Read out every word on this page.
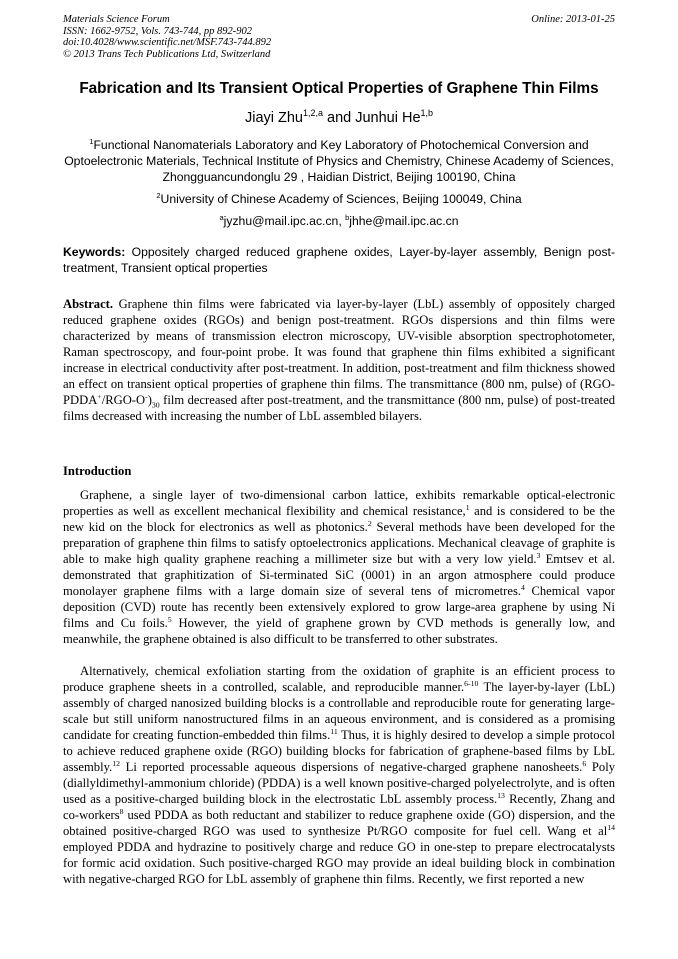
Materials Science Forum
ISSN: 1662-9752, Vols. 743-744, pp 892-902
doi:10.4028/www.scientific.net/MSF.743-744.892
© 2013 Trans Tech Publications Ltd, Switzerland
Online: 2013-01-25
Fabrication and Its Transient Optical Properties of Graphene Thin Films
Jiayi Zhu$^{1,2,a}$ and Junhui He$^{1,b}$
$^1$Functional Nanomaterials Laboratory and Key Laboratory of Photochemical Conversion and Optoelectronic Materials, Technical Institute of Physics and Chemistry, Chinese Academy of Sciences, Zhongguancundonglu 29 , Haidian District, Beijing 100190, China
$^2$University of Chinese Academy of Sciences, Beijing 100049, China
$^a$jyzhu@mail.ipc.ac.cn, $^b$jhhe@mail.ipc.ac.cn
Keywords: Oppositely charged reduced graphene oxides, Layer-by-layer assembly, Benign post-treatment, Transient optical properties

Abstract. Graphene thin films were fabricated via layer-by-layer (LbL) assembly of oppositely charged reduced graphene oxides (RGOs) and benign post-treatment. RGOs dispersions and thin films were characterized by means of transmission electron microscopy, UV-visible absorption spectrophotometer, Raman spectroscopy, and four-point probe. It was found that graphene thin films exhibited a significant increase in electrical conductivity after post-treatment. In addition, post-treatment and film thickness showed an effect on transient optical properties of graphene thin films. The transmittance (800 nm, pulse) of $(RGO-PDDA^+/RGO-O^-)_{30}$ film decreased after post-treatment, and the transmittance (800 nm, pulse) of post-treated films decreased with increasing the number of LbL assembled bilayers.

Introduction

Graphene, a single layer of two-dimensional carbon lattice, exhibits remarkable optical-electronic properties as well as excellent mechanical flexibility and chemical resistance,$^1$ and is considered to be the new kid on the block for electronics as well as photonics.$^2$ Several methods have been developed for the preparation of graphene thin films to satisfy optoelectronics applications. Mechanical cleavage of graphite is able to make high quality graphene reaching a millimeter size but with a very low yield.$^3$ Emtsev et al. demonstrated that graphitization of Si-terminated SiC (0001) in an argon atmosphere could produce monolayer graphene films with a large domain size of several tens of micrometres.$^4$ Chemical vapor deposition (CVD) route has recently been extensively explored to grow large-area graphene by using Ni films and Cu foils.$^5$ However, the yield of graphene grown by CVD methods is generally low, and meanwhile, the graphene obtained is also difficult to be transferred to other substrates.

Alternatively, chemical exfoliation starting from the oxidation of graphite is an efficient process to produce graphene sheets in a controlled, scalable, and reproducible manner.$^{6-10}$ The layer-by-layer (LbL) assembly of charged nanosized building blocks is a controllable and reproducible route for generating large-scale but still uniform nanostructured films in an aqueous environment, and is considered as a promising candidate for creating function-embedded thin films.$^{11}$ Thus, it is highly desired to develop a simple protocol to achieve reduced graphene oxide (RGO) building blocks for fabrication of graphene-based films by LbL assembly.$^{12}$ Li reported processable aqueous dispersions of negative-charged graphene nanosheets.$^6$ Poly (diallyldimethyl-ammonium chloride) (PDDA) is a well known positive-charged polyelectrolyte, and is often used as a positive-charged building block in the electrostatic LbL assembly process.$^{13}$ Recently, Zhang and co-workers$^8$ used PDDA as both reductant and stabilizer to reduce graphene oxide (GO) dispersion, and the obtained positive-charged RGO was used to synthesize Pt/RGO composite for fuel cell. Wang et $al^{14}$ employed PDDA and hydrazine to positively charge and reduce GO in one-step to prepare electrocatalysts for formic acid oxidation. Such positive-charged RGO may provide an ideal building block in combination with negative-charged RGO for LbL assembly of graphene thin films. Recently, we first reported a new
